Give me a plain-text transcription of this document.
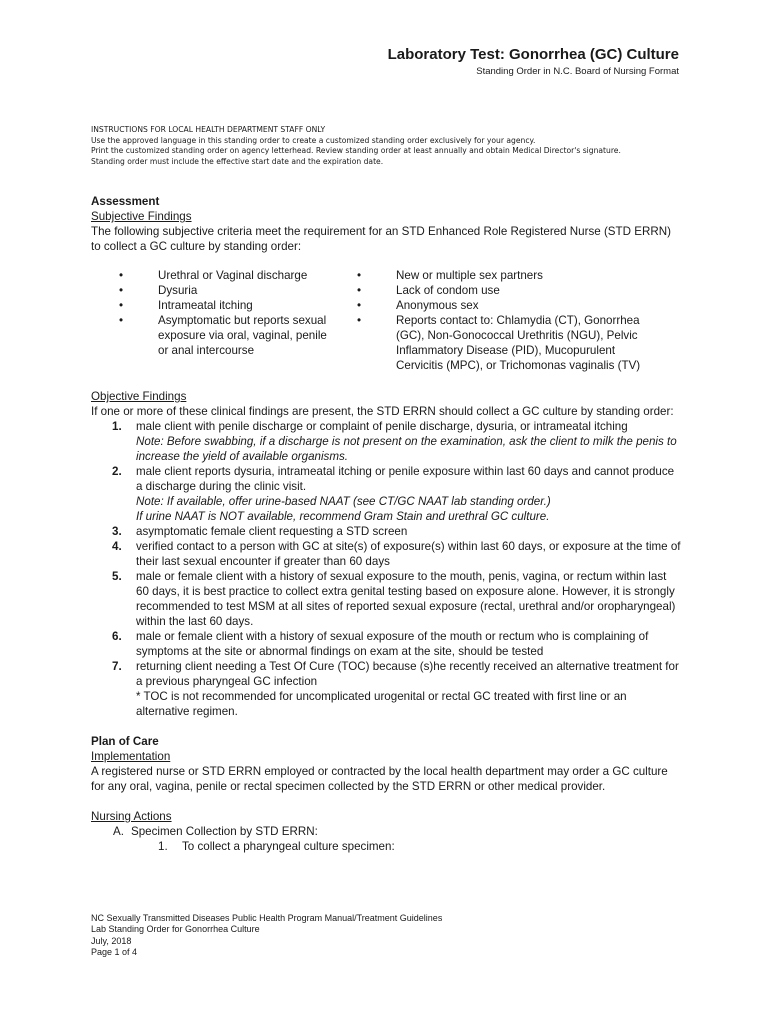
Laboratory Test: Gonorrhea (GC) Culture
Standing Order in N.C. Board of Nursing Format
INSTRUCTIONS FOR LOCAL HEALTH DEPARTMENT STAFF ONLY
Use the approved language in this standing order to create a customized standing order exclusively for your agency.
Print the customized standing order on agency letterhead. Review standing order at least annually and obtain Medical Director's signature.
Standing order must include the effective start date and the expiration date.
Assessment
Subjective Findings

The following subjective criteria meet the requirement for an STD Enhanced Role Registered Nurse (STD ERRN) to collect a GC culture by standing order:

•	Urethral or Vaginal discharge
•	Dysuria
•	Intrameatal itching
•	Asymptomatic but reports sexual exposure via oral, vaginal, penile or anal intercourse
•	New or multiple sex partners
•	Lack of condom use
•	Anonymous sex
•	Reports contact to: Chlamydia (CT), Gonorrhea (GC), Non-Gonococcal Urethritis (NGU), Pelvic Inflammatory Disease (PID), Mucopurulent Cervicitis (MPC), or Trichomonas vaginalis (TV)
Objective Findings

If one or more of these clinical findings are present, the STD ERRN should collect a GC culture by standing order:

1. male client with penile discharge or complaint of penile discharge, dysuria, or intrameatal itching
Note: Before swabbing, if a discharge is not present on the examination, ask the client to milk the penis to increase the yield of available organisms.
2. male client reports dysuria, intrameatal itching or penile exposure within last 60 days and cannot produce a discharge during the clinic visit.
Note: If available, offer urine-based NAAT (see CT/GC NAAT lab standing order.)
If urine NAAT is NOT available, recommend Gram Stain and urethral GC culture.
3. asymptomatic female client requesting a STD screen
4. verified contact to a person with GC at site(s) of exposure(s) within last 60 days, or exposure at the time of their last sexual encounter if greater than 60 days
5. male or female client with a history of sexual exposure to the mouth, penis, vagina, or rectum within last 60 days, it is best practice to collect extra genital testing based on exposure alone. However, it is strongly recommended to test MSM at all sites of reported sexual exposure (rectal, urethral and/or oropharyngeal) within the last 60 days.
6. male or female client with a history of sexual exposure of the mouth or rectum who is complaining of symptoms at the site or abnormal findings on exam at the site, should be tested
7. returning client needing a Test Of Cure (TOC) because (s)he recently received an alternative treatment for a previous pharyngeal GC infection
* TOC is not recommended for uncomplicated urogenital or rectal GC treated with first line or an alternative regimen.
Plan of Care
Implementation

A registered nurse or STD ERRN employed or contracted by the local health department may order a GC culture for any oral, vagina, penile or rectal specimen collected by the STD ERRN or other medical provider.

Nursing Actions
A. Specimen Collection by STD ERRN:
1. To collect a pharyngeal culture specimen:
NC Sexually Transmitted Diseases Public Health Program Manual/Treatment Guidelines
Lab Standing Order for Gonorrhea Culture
July, 2018
Page 1 of 4
